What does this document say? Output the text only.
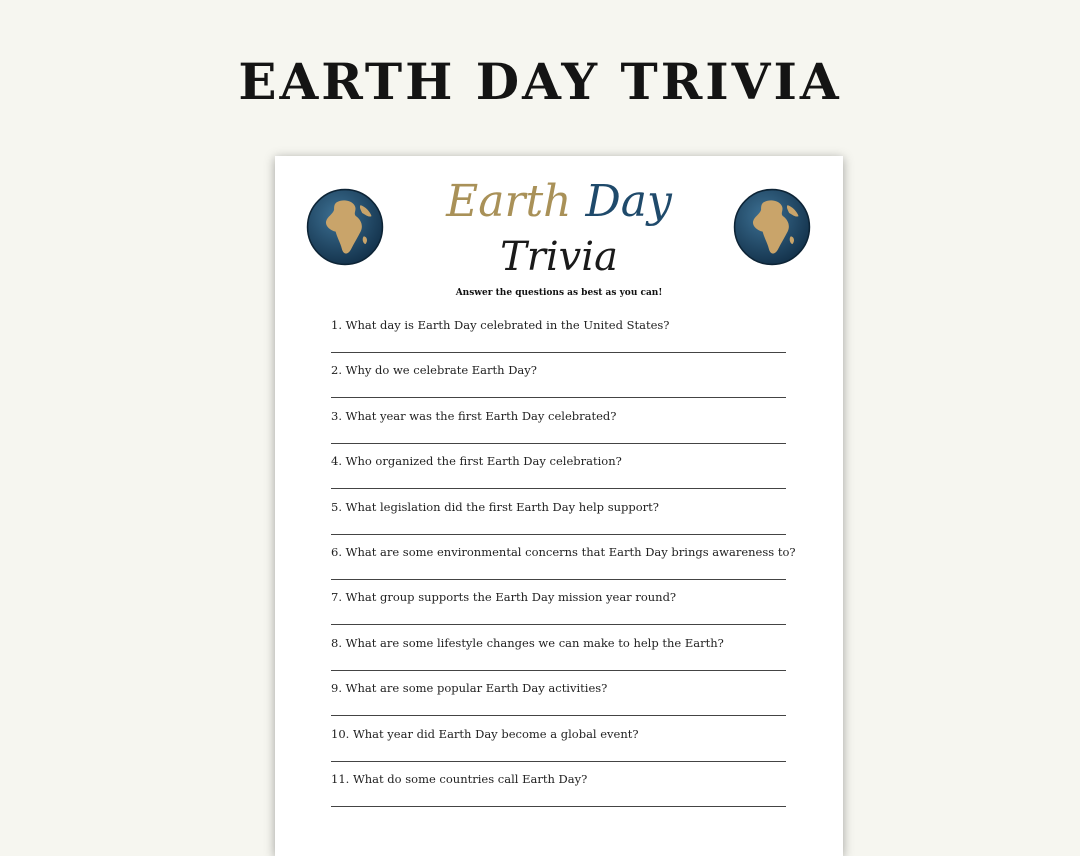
EARTH DAY TRIVIA
Earth Day
Trivia
Answer the questions as best as you can!
1. What day is Earth Day celebrated in the United States?
2. Why do we celebrate Earth Day?
3. What year was the first Earth Day celebrated?
4. Who organized the first Earth Day celebration?
5. What legislation did the first Earth Day help support?
6. What are some environmental concerns that Earth Day brings awareness to?
7. What group supports the Earth Day mission year round?
8. What are some lifestyle changes we can make to help the Earth?
9. What are some popular Earth Day activities?
10. What year did Earth Day become a global event?
11. What do some countries call Earth Day?
